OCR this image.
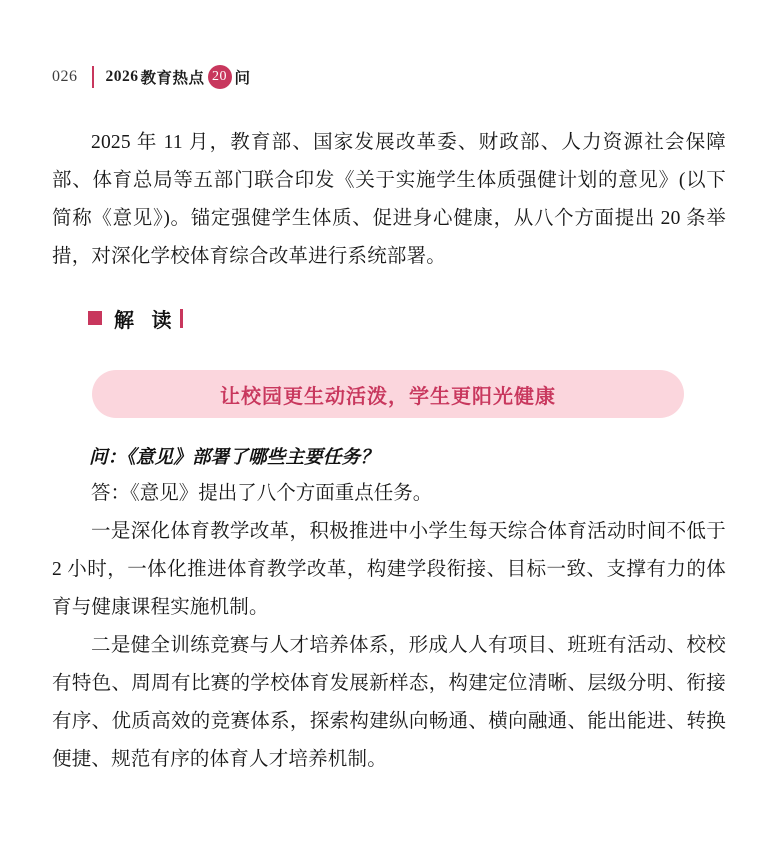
026 2026 教育热点 20 问

2025 年 11 月，教育部、国家发展改革委、财政部、人力资源社会保障部、体育总局等五部门联合印发《关于实施学生体质强健计划的意见》(以下简称《意见》)。锚定强健学生体质、促进身心健康，从八个方面提出 20 条举措，对深化学校体育综合改革进行系统部署。

解 读
让校园更生动活泼，学生更阳光健康

问：《意见》部署了哪些主要任务？

答：《意见》提出了八个方面重点任务。

一是深化体育教学改革，积极推进中小学生每天综合体育活动时间不低于 2 小时，一体化推进体育教学改革，构建学段衔接、目标一致、支撑有力的体育与健康课程实施机制。

二是健全训练竞赛与人才培养体系，形成人人有项目、班班有活动、校校有特色、周周有比赛的学校体育发展新样态，构建定位清晰、层级分明、衔接有序、优质高效的竞赛体系，探索构建纵向畅通、横向融通、能出能进、转换便捷、规范有序的体育人才培养机制。
